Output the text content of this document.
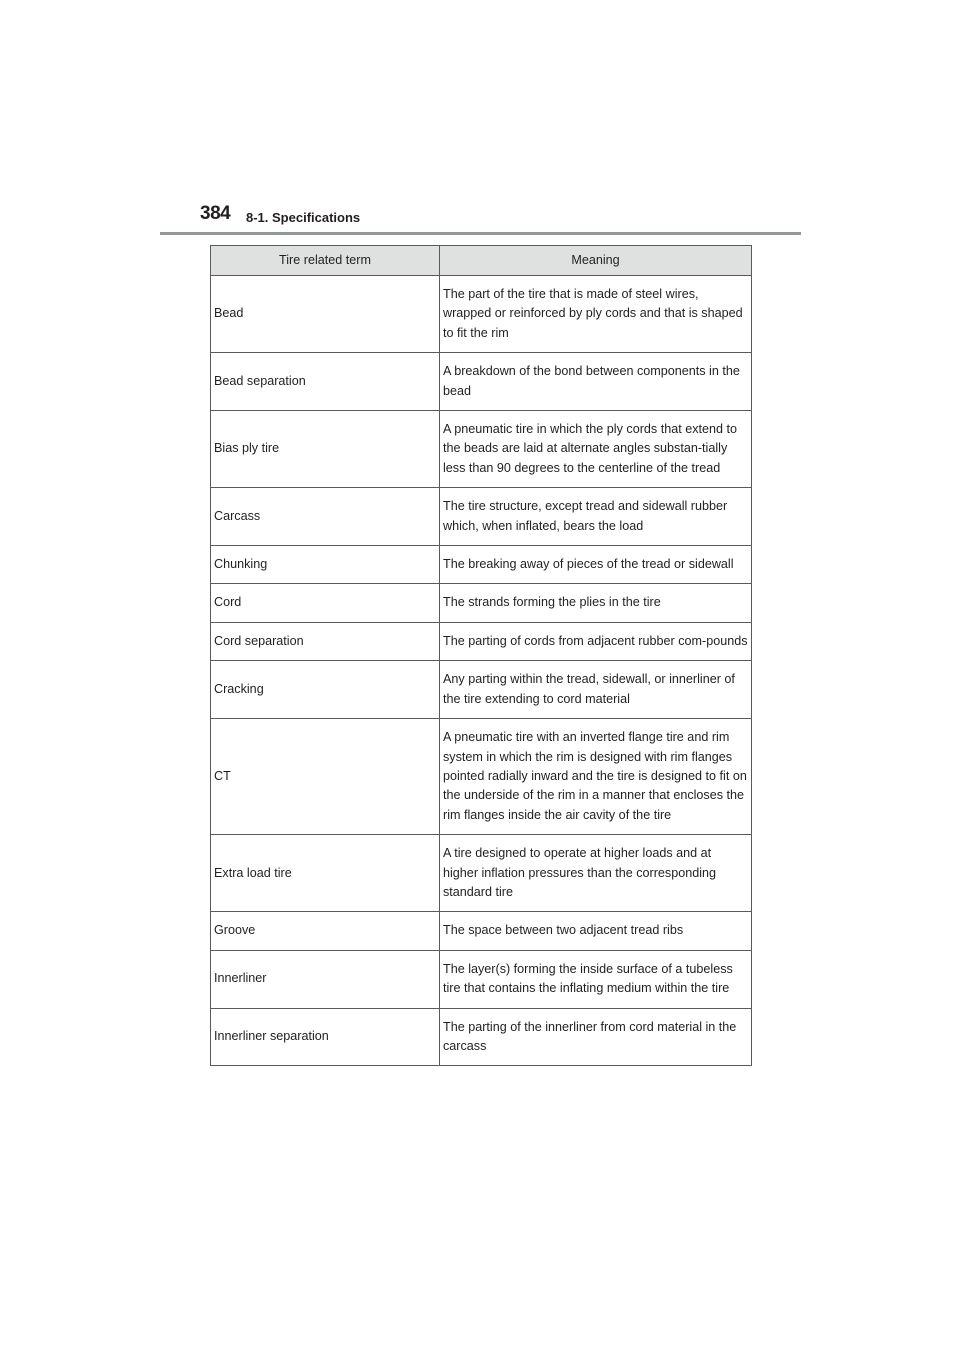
384 8-1. Specifications
Tire related term	Meaning
Bead	The part of the tire that is made of steel wires, wrapped or reinforced by ply cords and that is shaped to fit the rim
Bead separation	A breakdown of the bond between components in the bead
Bias ply tire	A pneumatic tire in which the ply cords that extend to the beads are laid at alternate angles substan-tially less than 90 degrees to the centerline of the tread
Carcass	The tire structure, except tread and sidewall rubber which, when inflated, bears the load
Chunking	The breaking away of pieces of the tread or sidewall
Cord	The strands forming the plies in the tire
Cord separation	The parting of cords from adjacent rubber com-pounds
Cracking	Any parting within the tread, sidewall, or innerliner of the tire extending to cord material
CT	A pneumatic tire with an inverted flange tire and rim system in which the rim is designed with rim flanges pointed radially inward and the tire is designed to fit on the underside of the rim in a manner that encloses the rim flanges inside the air cavity of the tire
Extra load tire	A tire designed to operate at higher loads and at higher inflation pressures than the corresponding standard tire
Groove	The space between two adjacent tread ribs
Innerliner	The layer(s) forming the inside surface of a tubeless tire that contains the inflating medium within the tire
Innerliner separation	The parting of the innerliner from cord material in the carcass
